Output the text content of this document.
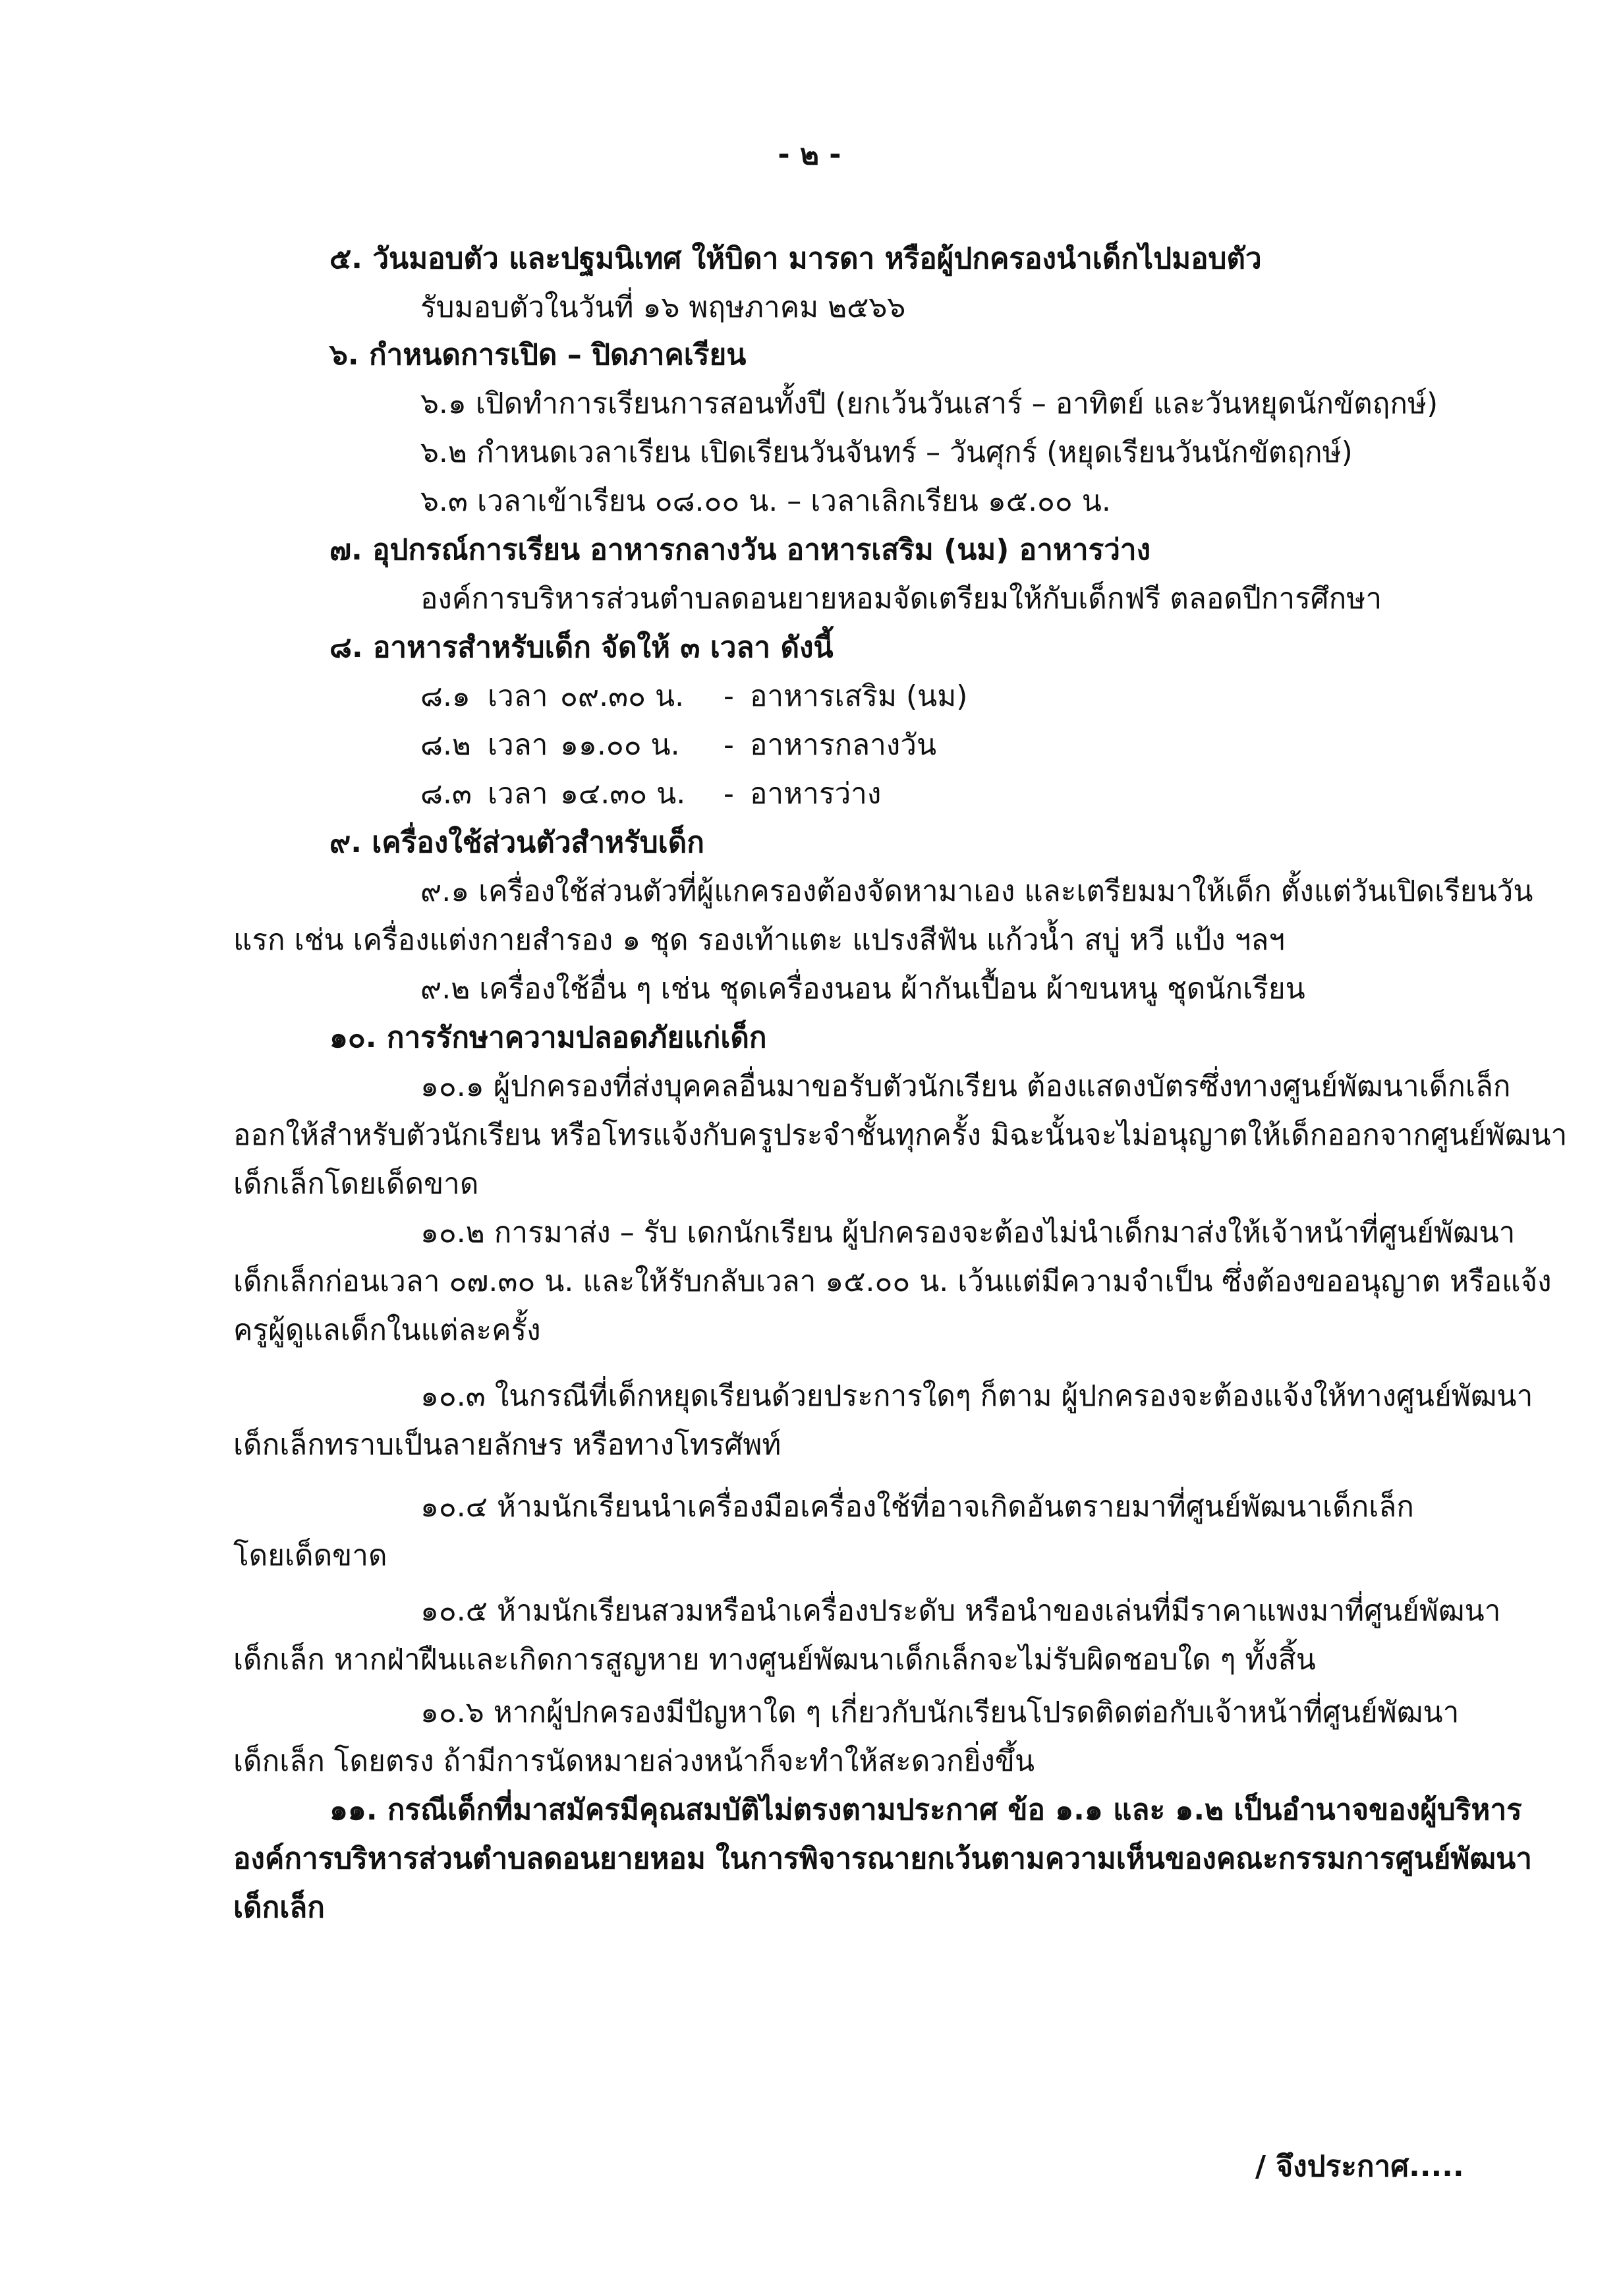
- ๒ -

๕. วันมอบตัว และปฐมนิเทศ ให้บิดา มารดา หรือผู้ปกครองนำเด็กไปมอบตัว

รับมอบตัวในวันที่ ๑๖ พฤษภาคม ๒๕๖๖

๖. กำหนดการเปิด – ปิดภาคเรียน

๖.๑ เปิดทำการเรียนการสอนทั้งปี (ยกเว้นวันเสาร์ – อาทิตย์ และวันหยุดนักขัตฤกษ์)

๖.๒ กำหนดเวลาเรียน เปิดเรียนวันจันทร์ – วันศุกร์ (หยุดเรียนวันนักขัตฤกษ์)

๖.๓ เวลาเข้าเรียน ๐๘.๐๐ น. – เวลาเลิกเรียน ๑๕.๐๐ น.

๗. อุปกรณ์การเรียน อาหารกลางวัน อาหารเสริม (นม) อาหารว่าง

องค์การบริหารส่วนตำบลดอนยายหอมจัดเตรียมให้กับเด็กฟรี ตลอดปีการศึกษา

๘. อาหารสำหรับเด็ก จัดให้ ๓ เวลา ดังนี้

๘.๑ เวลา ๐๙.๓๐ น. - อาหารเสริม (นม)
๘.๒ เวลา ๑๑.๐๐ น. - อาหารกลางวัน
๘.๓ เวลา ๑๔.๓๐ น. - อาหารว่าง

๙. เครื่องใช้ส่วนตัวสำหรับเด็ก

๙.๑ เครื่องใช้ส่วนตัวที่ผู้แกครองต้องจัดหามาเอง และเตรียมมาให้เด็ก ตั้งแต่วันเปิดเรียนวัน

แรก เช่น เครื่องแต่งกายสำรอง ๑ ชุด รองเท้าแตะ แปรงสีฟัน แก้วน้ำ สบู่ หวี แป้ง ฯลฯ

๙.๒ เครื่องใช้อื่น ๆ เช่น ชุดเครื่องนอน ผ้ากันเปื้อน ผ้าขนหนู ชุดนักเรียน

๑๐. การรักษาความปลอดภัยแก่เด็ก

๑๐.๑ ผู้ปกครองที่ส่งบุคคลอื่นมาขอรับตัวนักเรียน ต้องแสดงบัตรซึ่งทางศูนย์พัฒนาเด็กเล็ก

ออกให้สำหรับตัวนักเรียน หรือโทรแจ้งกับครูประจำชั้นทุกครั้ง มิฉะนั้นจะไม่อนุญาตให้เด็กออกจากศูนย์พัฒนา

เด็กเล็กโดยเด็ดขาด

๑๐.๒ การมาส่ง – รับ เดกนักเรียน ผู้ปกครองจะต้องไม่นำเด็กมาส่งให้เจ้าหน้าที่ศูนย์พัฒนา

เด็กเล็กก่อนเวลา ๐๗.๓๐ น. และให้รับกลับเวลา ๑๕.๐๐ น. เว้นแต่มีความจำเป็น ซึ่งต้องขออนุญาต หรือแจ้ง

ครูผู้ดูแลเด็กในแต่ละครั้ง

๑๐.๓ ในกรณีที่เด็กหยุดเรียนด้วยประการใดๆ ก็ตาม ผู้ปกครองจะต้องแจ้งให้ทางศูนย์พัฒนา

เด็กเล็กทราบเป็นลายลักษร หรือทางโทรศัพท์

๑๐.๔ ห้ามนักเรียนนำเครื่องมือเครื่องใช้ที่อาจเกิดอันตรายมาที่ศูนย์พัฒนาเด็กเล็ก

โดยเด็ดขาด

๑๐.๕ ห้ามนักเรียนสวมหรือนำเครื่องประดับ หรือนำของเล่นที่มีราคาแพงมาที่ศูนย์พัฒนา

เด็กเล็ก หากฝ่าฝืนและเกิดการสูญหาย ทางศูนย์พัฒนาเด็กเล็กจะไม่รับผิดชอบใด ๆ ทั้งสิ้น

๑๐.๖ หากผู้ปกครองมีปัญหาใด ๆ เกี่ยวกับนักเรียนโปรดติดต่อกับเจ้าหน้าที่ศูนย์พัฒนา

เด็กเล็ก โดยตรง ถ้ามีการนัดหมายล่วงหน้าก็จะทำให้สะดวกยิ่งขึ้น

๑๑. กรณีเด็กที่มาสมัครมีคุณสมบัติไม่ตรงตามประกาศ ข้อ ๑.๑ และ ๑.๒ เป็นอำนาจของผู้บริหาร

องค์การบริหารส่วนตำบลดอนยายหอม ในการพิจารณายกเว้นตามความเห็นของคณะกรรมการศูนย์พัฒนา

เด็กเล็ก

/ จึงประกาศ.....
